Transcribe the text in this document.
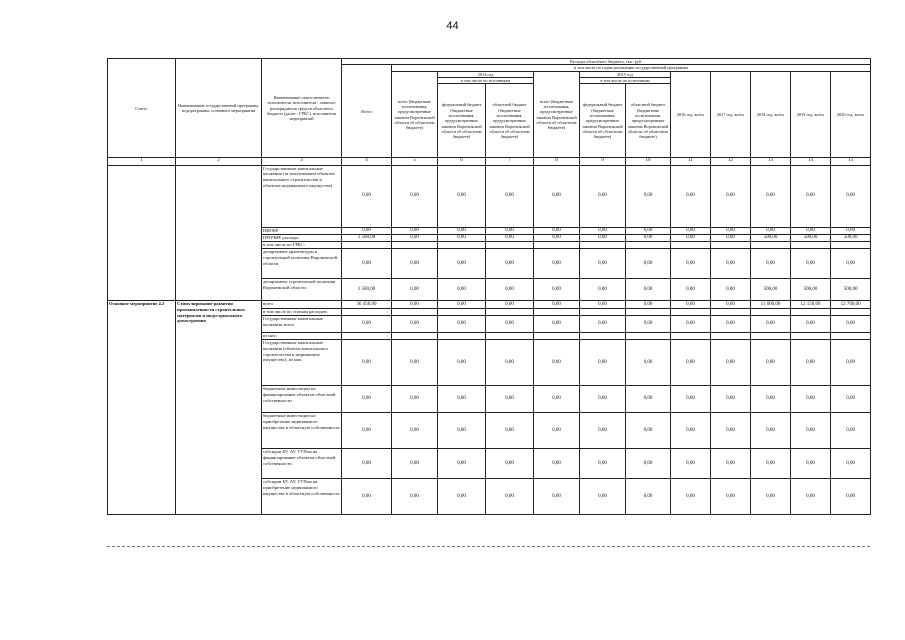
44
Статус	Наименование государственной программы, подпрограммы, основного мероприятия	Наименование ответственного исполнителя, исполнителя - главного распорядителя средств областного бюджета (далее - ГРБС), исполнителя мероприятий	Расходы областного бюджета, тыс. руб.											
			Всего	в том числе по годам реализации государственной программы										
				всего (бюджетные ассигнования, предусмотренные законом Воронежской области об областном бюджете)	2014 год		всего (бюджетные ассигнования, предусмотренные законом Воронежской области об областном бюджете)	2015 год		2016 год, всего	2017 год, всего	2018 год, всего	2019 год, всего	2020 год, всего
					в том числе по источникам			в том числе по источникам						
					федеральный бюджет (бюджетные ассигнования, предусмотренные законом Воронежской области об областном бюджете)	областной бюджет (бюджетные ассигнования, предусмотренные законом Воронежской области об областном бюджете)		федеральный бюджет (бюджетные ассигнования, предусмотренные законом Воронежской области об областном бюджете)	областной бюджет (бюджетные ассигнования, предусмотренные законом Воронежской области об областном бюджете)					
1	2	3	4	5	6	7	8	9	10	11	12	13	14	15
		Государственные капитальные вложения (за исключением объектов капитального строительства и объектов недвижимого имущества)	0,00	0,00	0,00	0,00	0,00	0,00	0,00	0,00	0,00	0,00	0,00	0,00
		НИОКР	0,00	0,00	0,00	0,00	0,00	0,00	0,00	0,00	0,00	0,00	0,00	0,00
		ПРОЧИЕ расходы	1 500,00	0,00	0,00	0,00	0,00	0,00	0,00	0,00	0,00	500,00	500,00	500,00
		в том числе по ГРБС:												
		департамент архитектуры и строительной политики Воронежской области	0,00	0,00	0,00	0,00	0,00	0,00	0,00	0,00	0,00	0,00	0,00	0,00
		департамент строительной политики Воронежской области	1 500,00	0,00	0,00	0,00	0,00	0,00	0,00	0,00	0,00	500,00	500,00	500,00
Основное мероприятие 4.2	Стимулирование развития промышленности строительных материалов и индустриального домостроения	всего	36 450,00	0,00	0,00	0,00	0,00	0,00	0,00	0,00	0,00	11 600,00	12 150,00	12 700,00
		в том числе по статьям расходов:												
		Государственные капитальные вложения, всего	0,00	0,00	0,00	0,00	0,00	0,00	0,00	0,00	0,00	0,00	0,00	0,00
		из них:												
		Государственные капитальные вложения (объекты капитального строительства и недвижимое имущество), из них:	0,00	0,00	0,00	0,00	0,00	0,00	0,00	0,00	0,00	0,00	0,00	0,00
		бюджетные инвестиции на финансирование объектов областной собственности	0,00	0,00	0,00	0,00	0,00	0,00	0,00	0,00	0,00	0,00	0,00	0,00
		бюджетные инвестиции на приобретение недвижимого имущества в областную собственность	0,00	0,00	0,00	0,00	0,00	0,00	0,00	0,00	0,00	0,00	0,00	0,00
		субсидии БУ, АУ, ГУПам на финансирование объектов областной собственности	0,00	0,00	0,00	0,00	0,00	0,00	0,00	0,00	0,00	0,00	0,00	0,00
		субсидии БУ, АУ, ГУПам на приобретение недвижимого имущества в областную собственность	0,00	0,00	0,00	0,00	0,00	0,00	0,00	0,00	0,00	0,00	0,00	0,00
